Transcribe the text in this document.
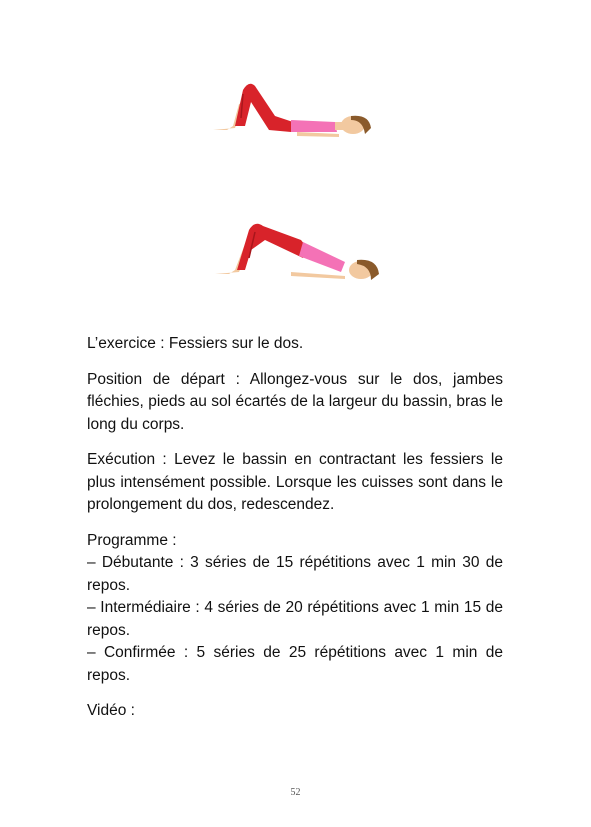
L’exercice : Fessiers sur le dos.

Position de départ : Allongez-vous sur le dos, jambes fléchies, pieds au sol écartés de la largeur du bassin, bras le long du corps.

Exécution : Levez le bassin en contractant les fessiers le plus intensément possible. Lorsque les cuisses sont dans le prolongement du dos, redescendez.

Programme :
– Débutante : 3 séries de 15 répétitions avec 1 min 30 de repos.
– Intermédiaire : 4 séries de 20 répétitions avec 1 min 15 de repos.
– Confirmée : 5 séries de 25 répétitions avec 1 min de repos.

Vidéo :

52
